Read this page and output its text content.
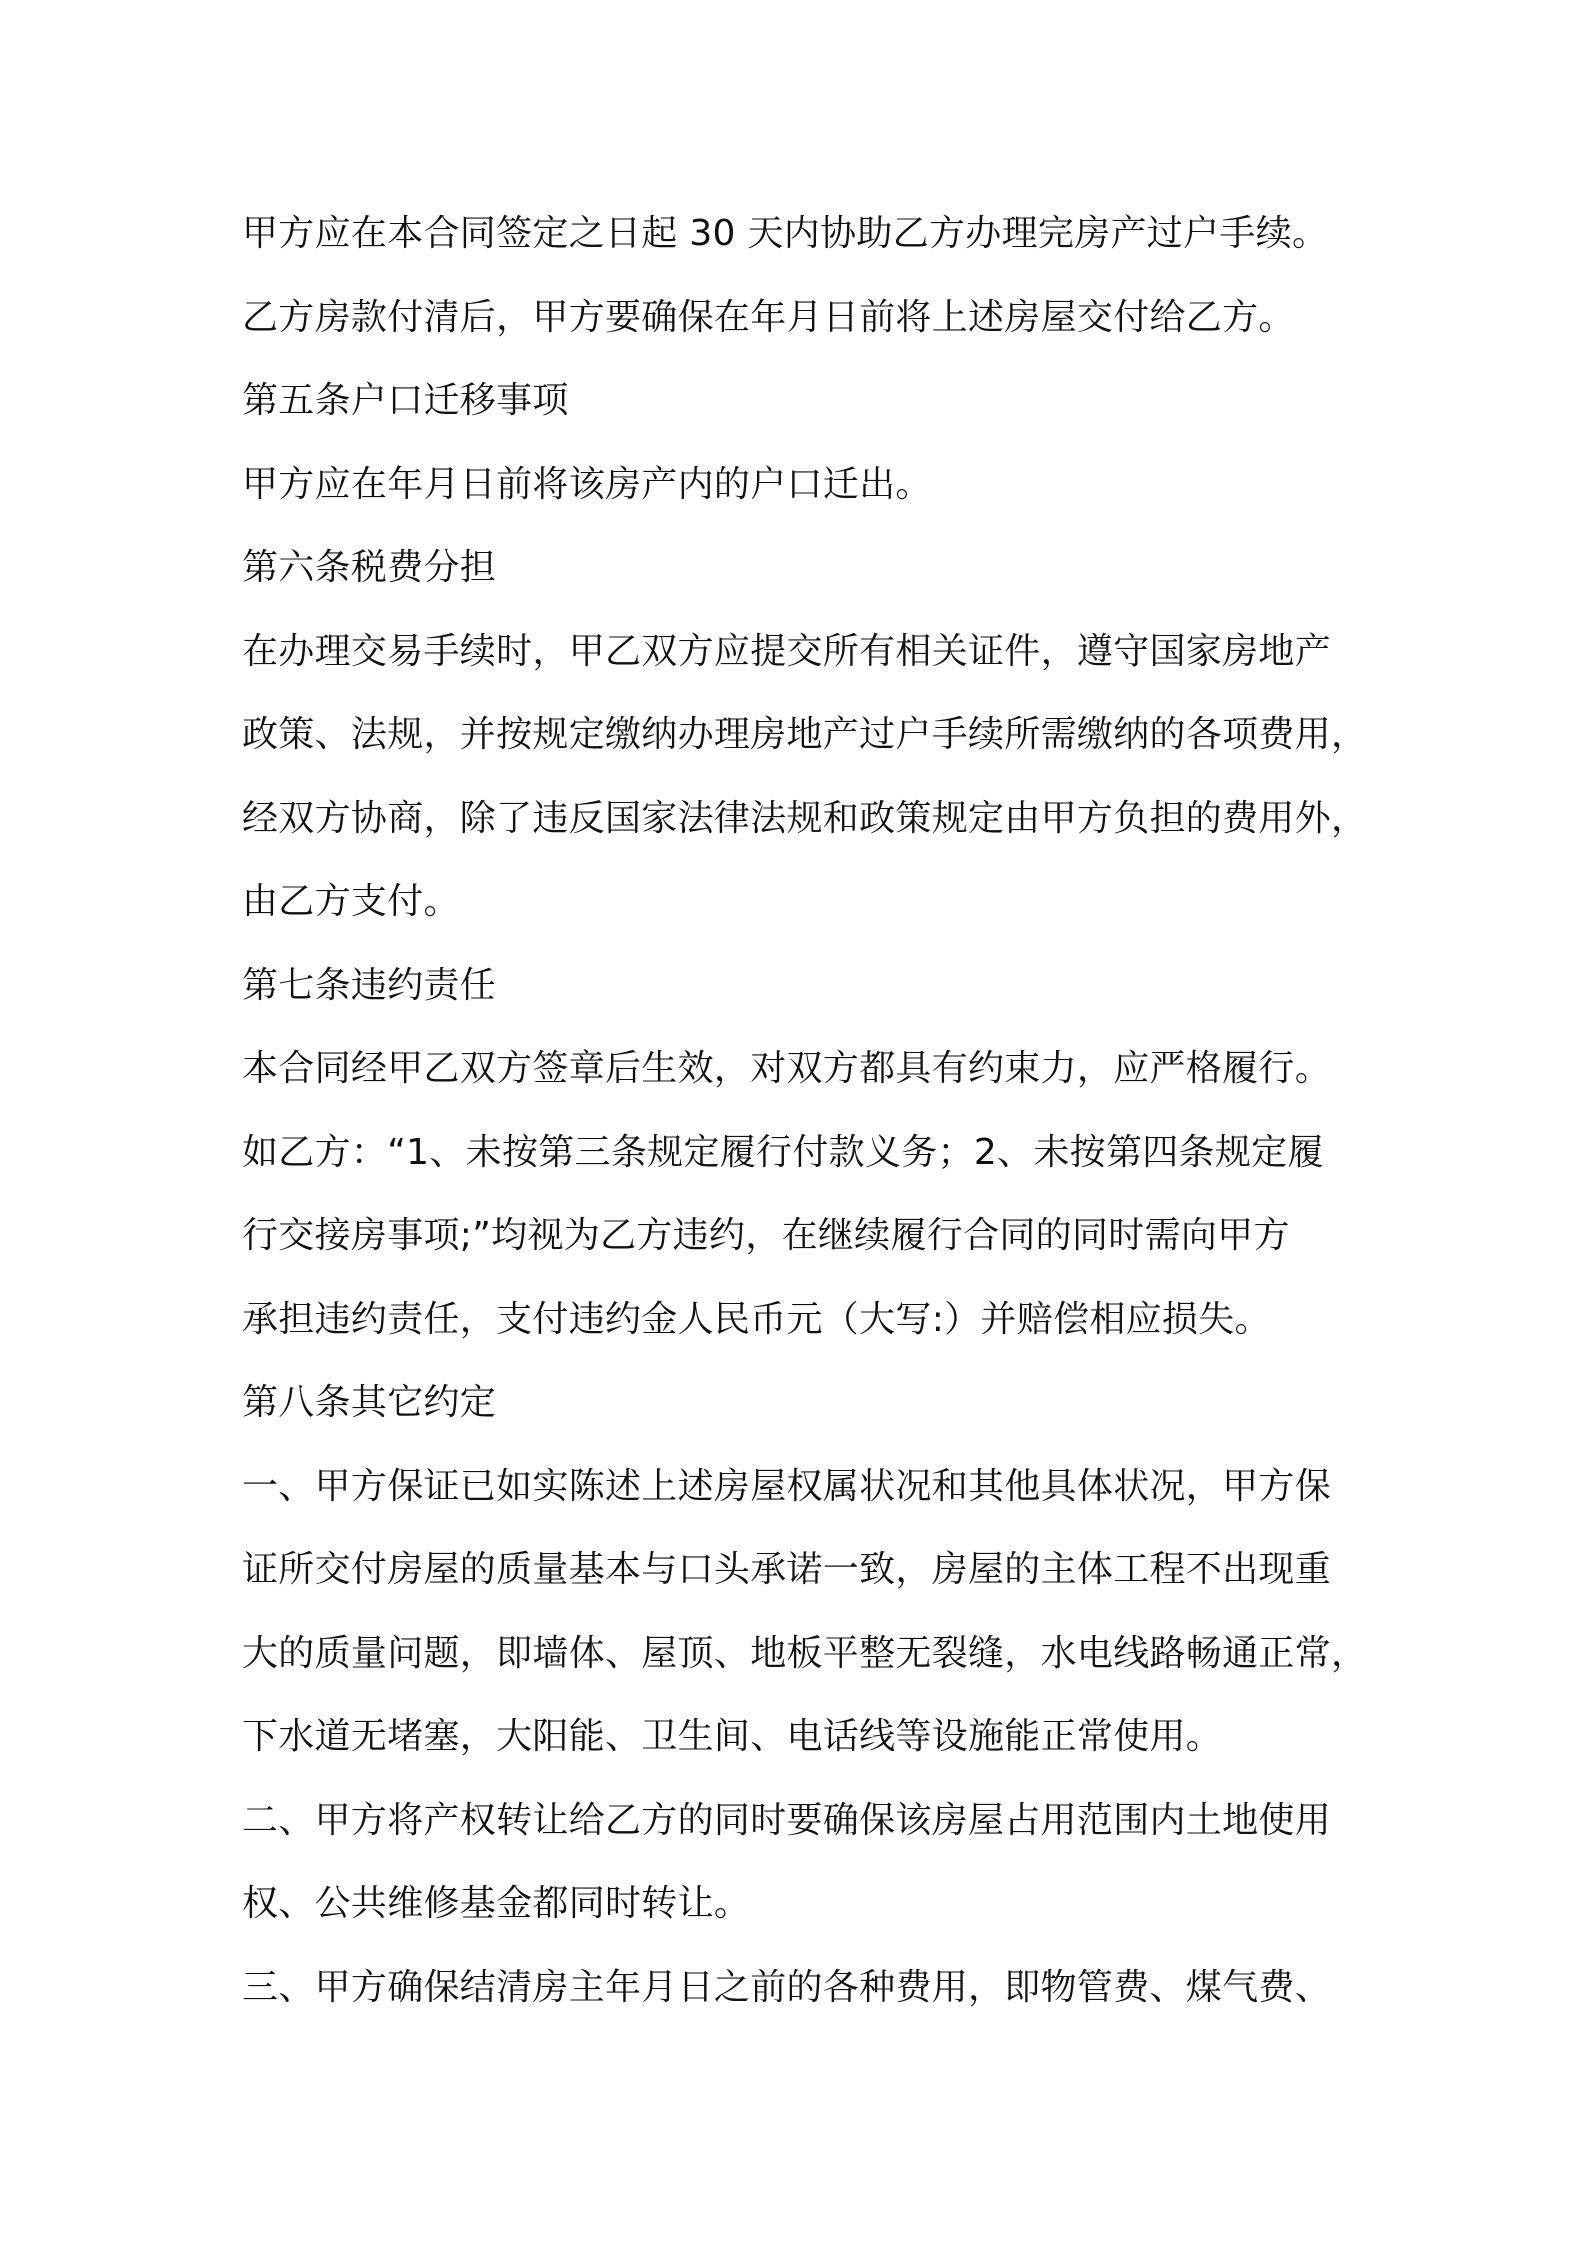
甲方应在本合同签定之日起 30 天内协助乙方办理完房产过户手续。
乙方房款付清后，甲方要确保在年月日前将上述房屋交付给乙方。
第五条户口迁移事项
甲方应在年月日前将该房产内的户口迁出。
第六条税费分担
在办理交易手续时，甲乙双方应提交所有相关证件，遵守国家房地产
政策、法规，并按规定缴纳办理房地产过户手续所需缴纳的各项费用，
经双方协商，除了违反国家法律法规和政策规定由甲方负担的费用外，
由乙方支付。
第七条违约责任
本合同经甲乙双方签章后生效，对双方都具有约束力，应严格履行。
如乙方：“1、未按第三条规定履行付款义务；2、未按第四条规定履
行交接房事项;”均视为乙方违约，在继续履行合同的同时需向甲方
承担违约责任，支付违约金人民币元（大写:）并赔偿相应损失。
第八条其它约定
一、甲方保证已如实陈述上述房屋权属状况和其他具体状况，甲方保
证所交付房屋的质量基本与口头承诺一致，房屋的主体工程不出现重
大的质量问题，即墙体、屋顶、地板平整无裂缝，水电线路畅通正常，
下水道无堵塞，大阳能、卫生间、电话线等设施能正常使用。
二、甲方将产权转让给乙方的同时要确保该房屋占用范围内土地使用
权、公共维修基金都同时转让。
三、甲方确保结清房主年月日之前的各种费用，即物管费、煤气费、
